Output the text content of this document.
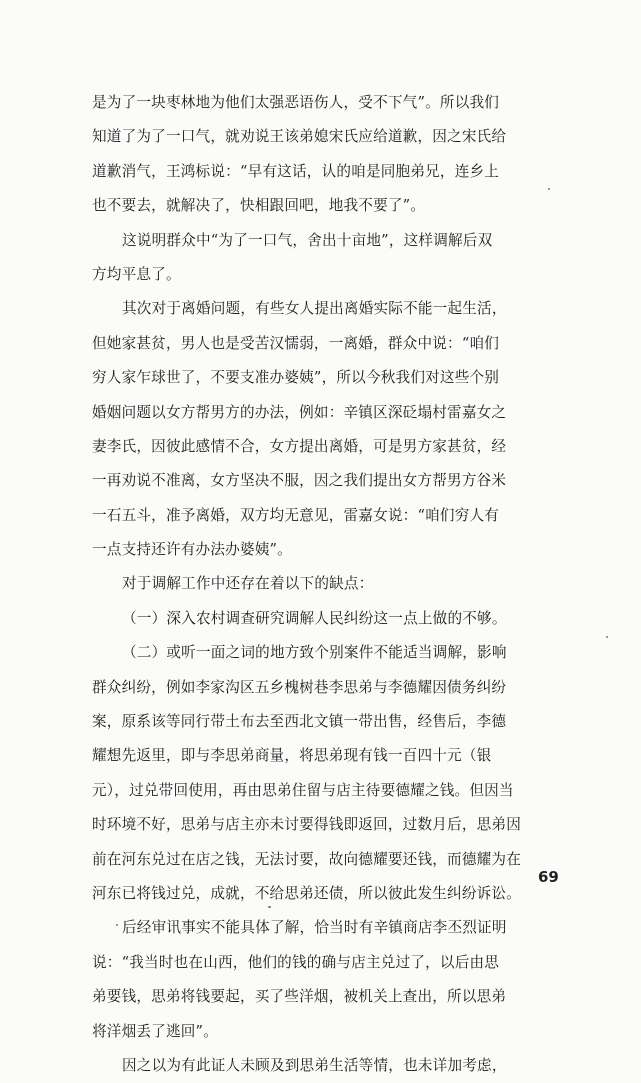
是为了一块枣林地为他们太强恶语伤人，受不下气”。所以我们
知道了为了一口气，就劝说王该弟媳宋氏应给道歉，因之宋氏给
道歉消气，王鸿标说：“早有这话，认的咱是同胞弟兄，连乡上
也不要去，就解决了，快相跟回吧，地我不要了”。
这说明群众中“为了一口气，舍出十亩地”，这样调解后双
方均平息了。
其次对于离婚问题，有些女人提出离婚实际不能一起生活，
但她家甚贫，男人也是受苦汉懦弱，一离婚，群众中说：“咱们
穷人家乍球世了，不要支准办婆姨”，所以今秋我们对这些个别
婚姻问题以女方帮男方的办法，例如：辛镇区深砭塌村雷嘉女之
妻李氏，因彼此感情不合，女方提出离婚，可是男方家甚贫，经
一再劝说不准离，女方坚决不服，因之我们提出女方帮男方谷米
一石五斗，准予离婚，双方均无意见，雷嘉女说：“咱们穷人有
一点支持还许有办法办婆姨”。
对于调解工作中还存在着以下的缺点：
（一）深入农村调查研究调解人民纠纷这一点上做的不够。
（二）或听一面之词的地方致个别案件不能适当调解，影响
群众纠纷，例如李家沟区五乡槐树巷李思弟与李德耀因债务纠纷
案，原系该等同行带土布去至西北文镇一带出售，经售后，李德
耀想先返里，即与李思弟商量，将思弟现有钱一百四十元（银
元），过兑带回使用，再由思弟住留与店主待要德耀之钱。但因当
时环境不好，思弟与店主亦未讨要得钱即返回，过数月后，思弟因
前在河东兑过在店之钱，无法讨要，故向德耀要还钱，而德耀为在
河东已将钱过兑，成就，不给思弟还债，所以彼此发生纠纷诉讼。
后经审讯事实不能具体了解，恰当时有辛镇商店李丕烈证明
说：“我当时也在山西，他们的钱的确与店主兑过了，以后由思
弟要钱，思弟将钱要起，买了些洋烟，被机关上查出，所以思弟
将洋烟丢了逃回”。
因之以为有此证人未顾及到思弟生活等情，也未详加考虑，
69
